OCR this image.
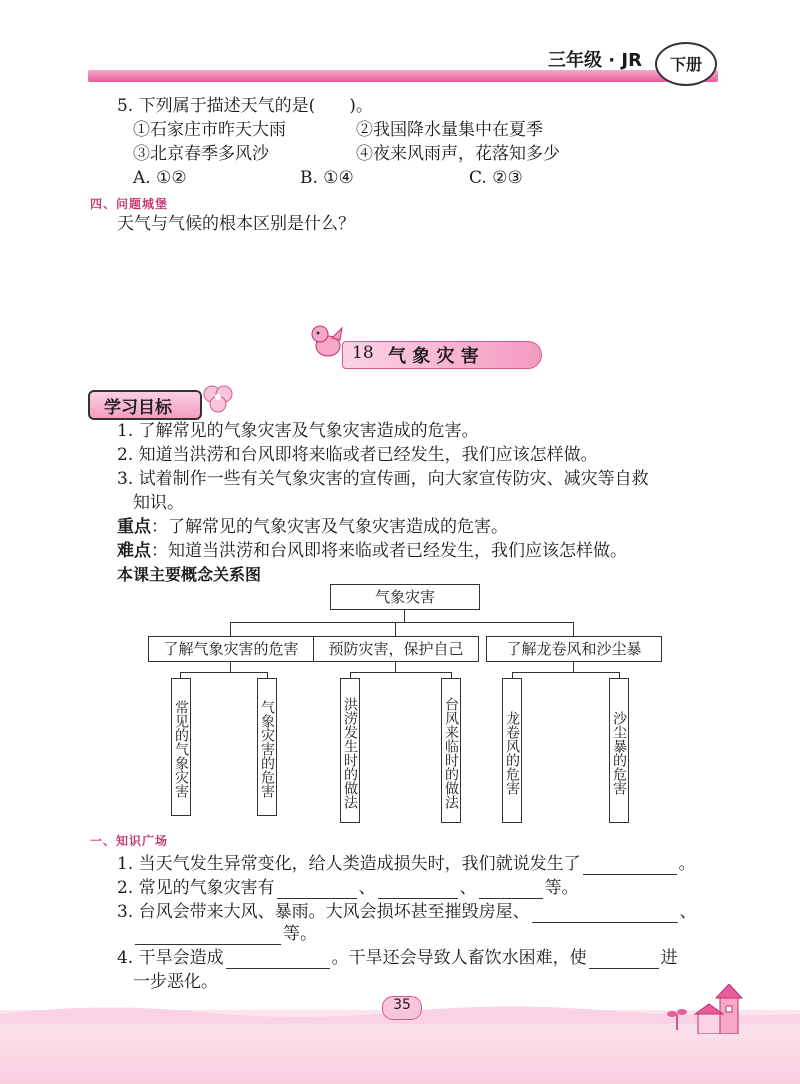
三年级 · JR	下册
5. 下列属于描述天气的是(　　)。
①石家庄市昨天大雨	②我国降水量集中在夏季
③北京春季多风沙	④夜来风雨声，花落知多少
A. ①②	B. ①④	C. ②③
四、问题城堡
天气与气候的根本区别是什么？
18 气 象 灾 害
学习目标
1. 了解常见的气象灾害及气象灾害造成的危害。
2. 知道当洪涝和台风即将来临或者已经发生，我们应该怎样做。
3. 试着制作一些有关气象灾害的宣传画，向大家宣传防灾、减灾等自救
知识。
重点：了解常见的气象灾害及气象灾害造成的危害。
难点：知道当洪涝和台风即将来临或者已经发生，我们应该怎样做。
本课主要概念关系图
气象灾害
了解气象灾害的危害	预防灾害，保护自己	了解龙卷风和沙尘暴
常见的气象灾害	气象灾害的危害	洪涝发生时的做法	台风来临时的做法	龙卷风的危害	沙尘暴的危害
一、知识广场
1. 当天气发生异常变化，给人类造成损失时，我们就说发生了	。
2. 常见的气象灾害有	、	、	等。
3. 台风会带来大风、暴雨。大风会损坏甚至摧毁房屋、	、
等。
4. 干旱会造成	。干旱还会导致人畜饮水困难，使	进
一步恶化。
35
